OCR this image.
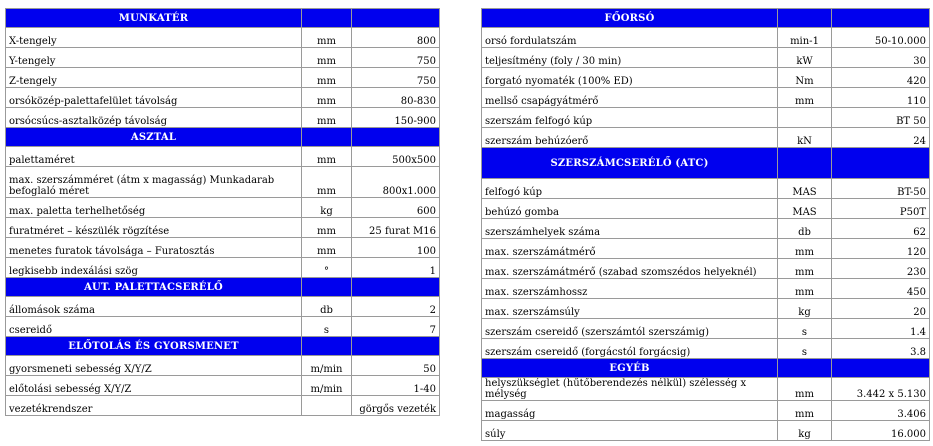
MUNKATÉR		
X-tengely	mm	800
Y-tengely	mm	750
Z-tengely	mm	750
orsóközép-palettafelület távolság	mm	80-830
orsócsúcs-asztalközép távolság	mm	150-900
ASZTAL		
palettaméret	mm	500x500
max. szerszámméret (átm x magasság) Munkadarab befoglaló méret	mm	800x1.000
max. paletta terhelhetőség	kg	600
furatméret – készülék rögzítése	mm	25 furat M16
menetes furatok távolsága – Furatosztás	mm	100
legkisebb indexálási szög	°	1
AUT. PALETTACSERÉLŐ		
állomások száma	db	2
csereidő	s	7
ELŐTOLÁS ÉS GYORSMENET		
gyorsmeneti sebesség X/Y/Z	m/min	50
előtolási sebesség X/Y/Z	m/min	1-40
vezetékrendszer		görgős vezeték
FŐORSÓ		
orsó fordulatszám	min-1	50-10.000
teljesítmény (foly / 30 min)	kW	30
forgató nyomaték (100% ED)	Nm	420
mellső csapágyátmérő	mm	110
szerszám felfogó kúp		BT 50
szerszám behúzóerő	kN	24
SZERSZÁMCSERÉLŐ (ATC)		
felfogó kúp	MAS	BT-50
behúzó gomba	MAS	P50T
szerszámhelyek száma	db	62
max. szerszámátmérő	mm	120
max. szerszámátmérő (szabad szomszédos helyeknél)	mm	230
max. szerszámhossz	mm	450
max. szerszámsúly	kg	20
szerszám csereidő (szerszámtól szerszámig)	s	1.4
szerszám csereidő (forgácstól forgácsig)	s	3.8
EGYÉB		
helyszükséglet (hűtőberendezés nélkül) szélesség x mélység	mm	3.442 x 5.130
magasság	mm	3.406
súly	kg	16.000
